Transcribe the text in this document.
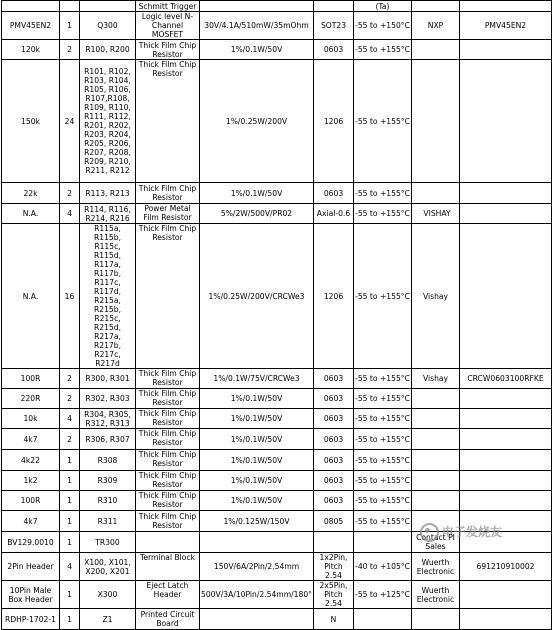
			Schmitt Trigger			(Ta)		
PMV45EN2	1	Q300	Logic level N-Channel MOSFET	30V/4.1A/510mW/35mOhm	SOT23	-55 to +150°C	NXP	PMV45EN2
120k	2	R100, R200	Thick Film Chip Resistor	1%/0.1W/50V	0603	-55 to +155°C		
150k	24	R101, R102, R103, R104, R105, R106, R107,R108, R109, R110, R111, R112, R201, R202, R203, R204, R205, R206, R207, R208, R209, R210, R211, R212	Thick Film Chip Resistor	1%/0.25W/200V	1206	-55 to +155°C		
22k	2	R113, R213	Thick Film Chip Resistor	1%/0.1W/50V	0603	-55 to +155°C		
N.A.	4	R114, R116, R214, R216	Power Metal Film Resistor	5%/2W/500V/PR02	Axial-0.6	-55 to +155°C	VISHAY	
N.A.	16	R115a, R115b, R115c, R115d, R117a, R117b, R117c, R117d, R215a, R215b, R215c, R215d, R217a, R217b, R217c, R217d	Thick Film Chip Resistor	1%/0.25W/200V/CRCWe3	1206	-55 to +155°C	Vishay	
100R	2	R300, R301	Thick Film Chip Resistor	1%/0.1W/75V/CRCWe3	0603	-55 to +155°C	Vishay	CRCW0603100RFKE
220R	2	R302, R303	Thick Film Chip Resistor	1%/0.1W/50V	0603	-55 to +155°C		
10k	4	R304, R305, R312, R313	Thick Film Chip Resistor	1%/0.1W/50V	0603	-55 to +155°C		
4k7	2	R306, R307	Thick Film Chip Resistor	1%/0.1W/50V	0603	-55 to +155°C		
4k22	1	R308	Thick Film Chip Resistor	1%/0.1W/50V	0603	-55 to +155°C		
1k2	1	R309	Thick Film Chip Resistor	1%/0.1W/50V	0603	-55 to +155°C		
100R	1	R310	Thick Film Chip Resistor	1%/0.1W/50V	0603	-55 to +155°C		
4k7	1	R311	Thick Film Chip Resistor	1%/0.125W/150V	0805	-55 to +155°C		
BV129.0010	1	TR300					Contact PI Sales	
2Pin Header	4	X100, X101, X200, X201	Terminal Block	150V/6A/2Pin/2.54mm	1x2Pin, Pitch 2.54	-40 to +105°C	Wuerth Electronic	691210910002
10Pin Male Box Header	1	X300	Eject Latch Header	500V/3A/10Pin/2.54mm/180°	2x5Pin, Pitch 2.54	-55 to +125°C	Wuerth Electronic	
RDHP-1702-1	1	Z1	Printed Circuit Board		N			
电子发烧友
